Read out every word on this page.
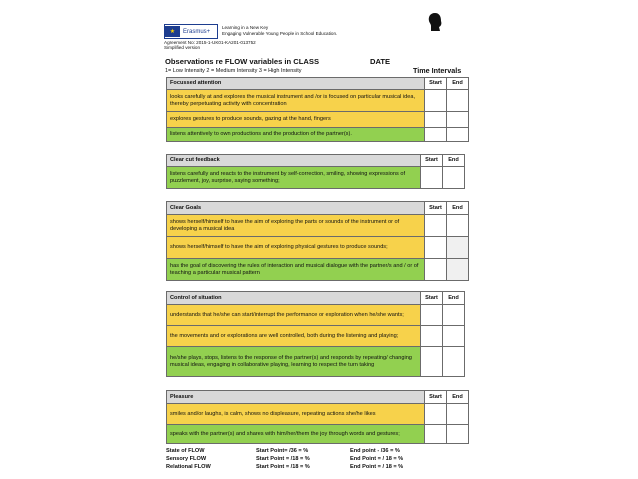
★	Erasmus+
Learning in a New Key
Engaging Vulnerable Young People in School Education.
Agreement No: 2015-1-UK01-KA201-013752
Simplified version
Observations re FLOW variables in CLASS	DATE
1= Low Intensity 2 = Medium Intensity 3 = High Intensity	Time Intervals
Focussed attention	Start	End
looks carefully at and explores the musical instrument and /or is focused on particular musical idea, thereby perpetuating activity with concentration		
explores gestures to produce sounds, gazing at the hand, fingers		
listens attentively to own productions and the production of the partner(s).		
Clear cut feedback	Start	End
listens carefully and reacts to the instrument by self-correction, smiling, showing expressions of puzzlement, joy, surprise, saying something;		
Clear Goals	Start	End
shows herself/himself to have the aim of exploring the parts or sounds of the instrument or of developing a musical idea		
shows herself/himself to have the aim of exploring physical gestures to produce sounds;		
has the goal of discovering the rules of interaction and musical dialogue with the partner/s and / or of teaching a particular musical pattern		
Control of situation	Start	End
understands that he/she can start/interrupt the performance or exploration when he/she wants;		
the movements and or explorations are well controlled, both during the listening and playing;		
he/she plays, stops, listens to the response of the partner(s) and responds by repeating/ changing musical ideas, engaging in collaborative playing, learning to respect the turn taking		
Pleasure	Start	End
smiles and/or laughs, is calm, shows no displeasure, repeating actions she/he likes		
speaks with the partner(s) and shares with him/her/them the joy through words and gestures;		
State of FLOW	Start Point= /36 = %	End point - /36 = %
Sensory FLOW	Start Point = /18 = %	End Point = / 18 = %
Relational FLOW	Start Point = /18 = %	End Point = / 18 = %
